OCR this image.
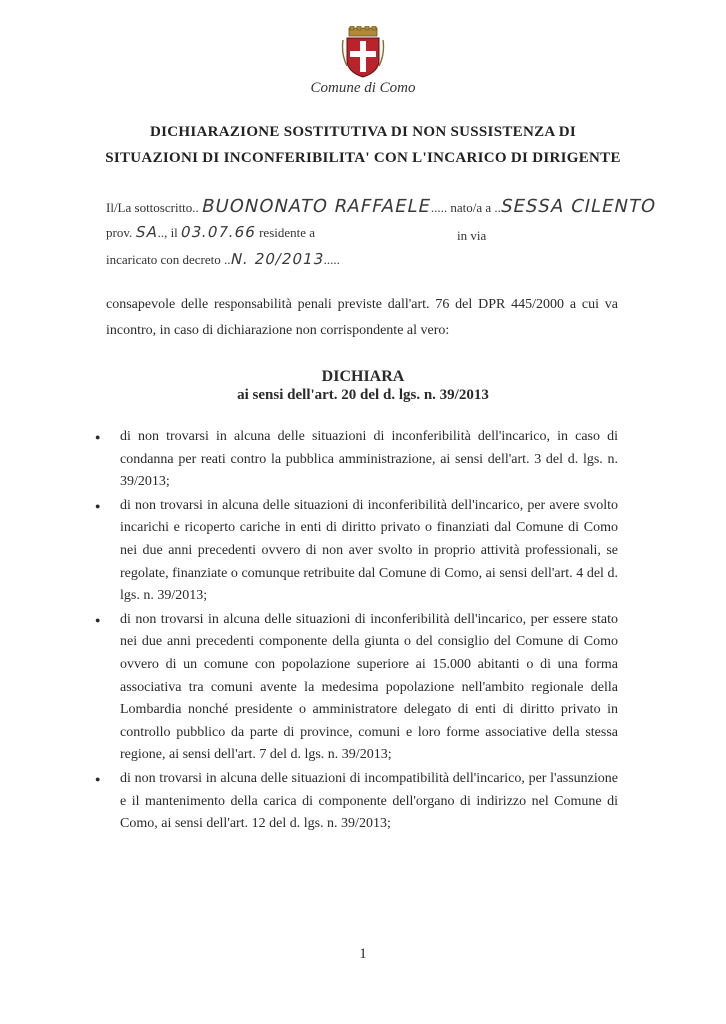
Comune di Como
DICHIARAZIONE SOSTITUTIVA DI NON SUSSISTENZA DI
SITUAZIONI DI INCONFERIBILITA' CON L'INCARICO DI DIRIGENTE
Il/La sottoscritto.. BUONONATO RAFFAELE..... nato/a a ..SESSA CILENTO
prov. SA.., il 03.07.66 residente a	in via
incaricato con decreto ..N. 20/2013.....
consapevole delle responsabilità penali previste dall'art. 76 del DPR 445/2000 a cui va incontro, in caso di dichiarazione non corrispondente al vero:
DICHIARA
ai sensi dell'art. 20 del d. lgs. n. 39/2013
● di non trovarsi in alcuna delle situazioni di inconferibilità dell'incarico, in caso di condanna per reati contro la pubblica amministrazione, ai sensi dell'art. 3 del d. lgs. n. 39/2013;
● di non trovarsi in alcuna delle situazioni di inconferibilità dell'incarico, per avere svolto incarichi e ricoperto cariche in enti di diritto privato o finanziati dal Comune di Como nei due anni precedenti ovvero di non aver svolto in proprio attività professionali, se regolate, finanziate o comunque retribuite dal Comune di Como, ai sensi dell'art. 4 del d. lgs. n. 39/2013;
● di non trovarsi in alcuna delle situazioni di inconferibilità dell'incarico, per essere stato nei due anni precedenti componente della giunta o del consiglio del Comune di Como ovvero di un comune con popolazione superiore ai 15.000 abitanti o di una forma associativa tra comuni avente la medesima popolazione nell'ambito regionale della Lombardia nonché presidente o amministratore delegato di enti di diritto privato in controllo pubblico da parte di province, comuni e loro forme associative della stessa regione, ai sensi dell'art. 7 del d. lgs. n. 39/2013;
● di non trovarsi in alcuna delle situazioni di incompatibilità dell'incarico, per l'assunzione e il mantenimento della carica di componente dell'organo di indirizzo nel Comune di Como, ai sensi dell'art. 12 del d. lgs. n. 39/2013;
1
